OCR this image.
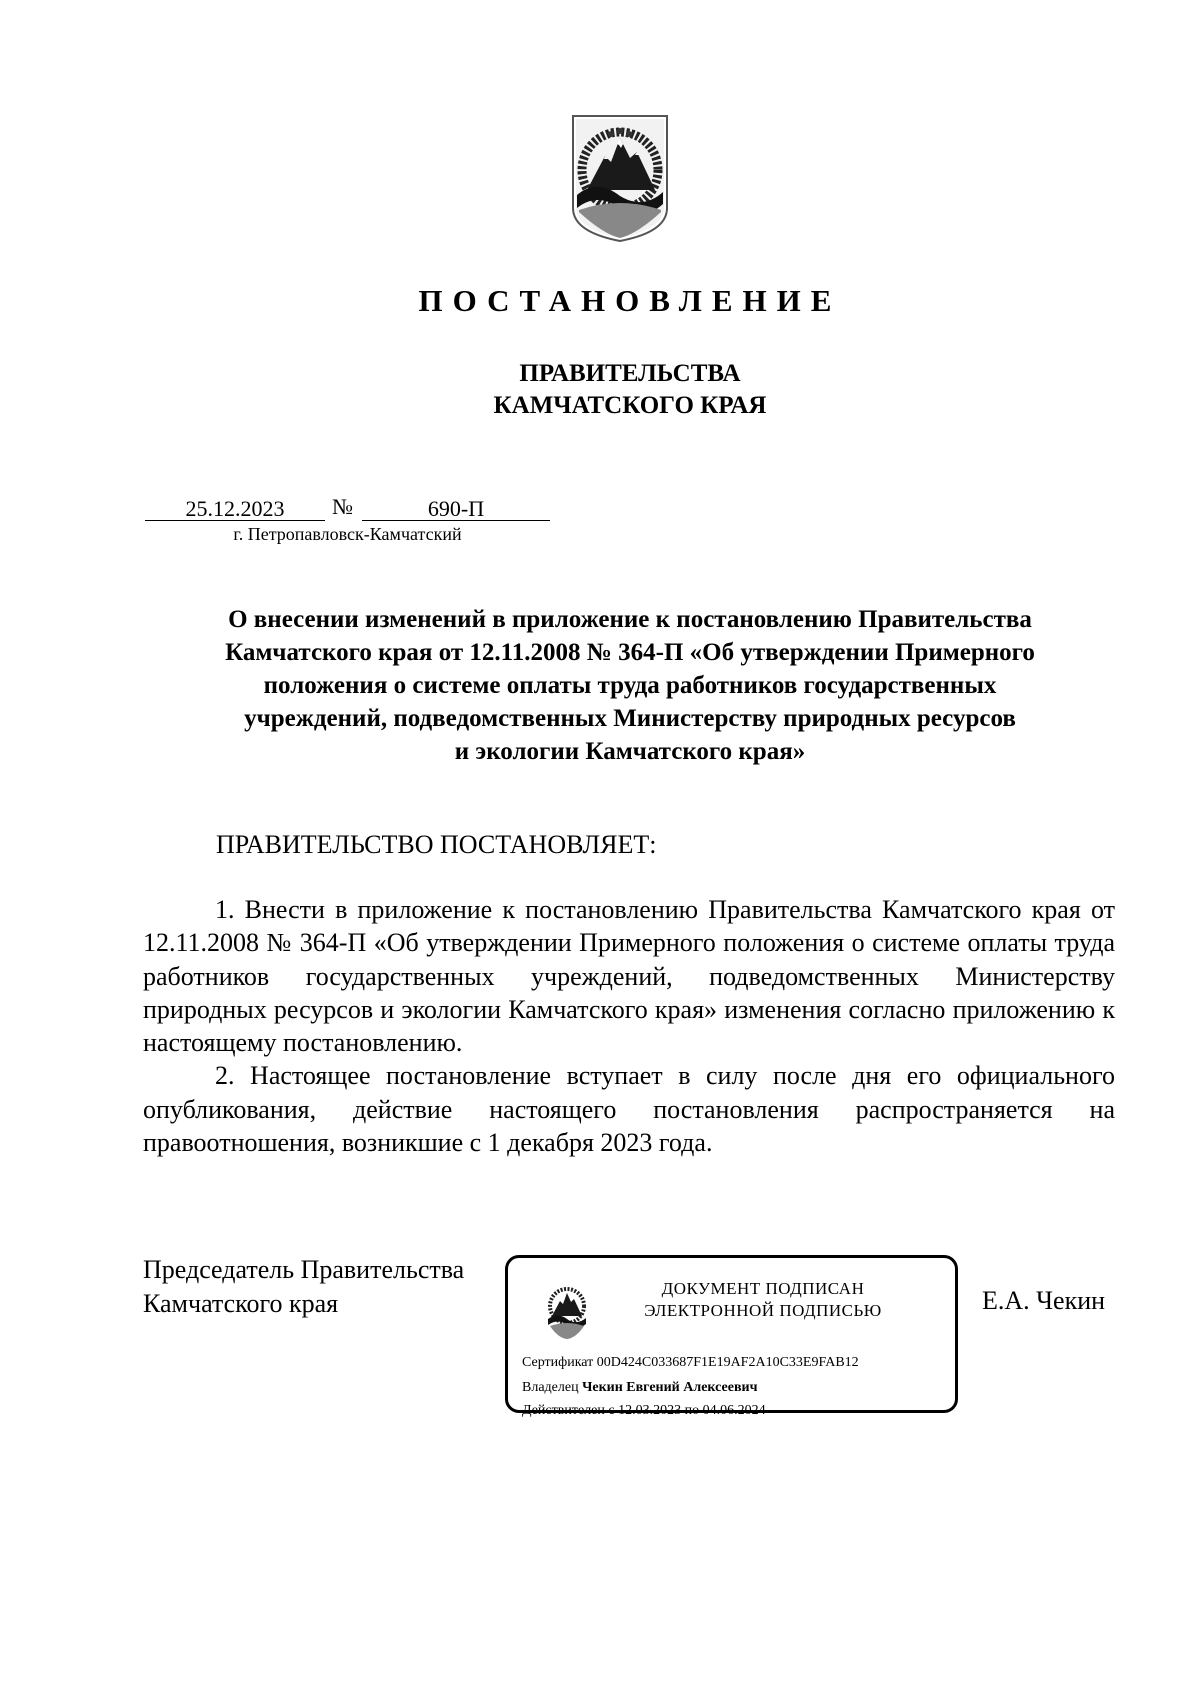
ПОСТАНОВЛЕНИЕ
ПРАВИТЕЛЬСТВА
КАМЧАТСКОГО КРАЯ
25.12.2023	№	690-П
г. Петропавловск-Камчатский
О внесении изменений в приложение к постановлению Правительства
Камчатского края от 12.11.2008 № 364-П «Об утверждении Примерного
положения о системе оплаты труда работников государственных
учреждений, подведомственных Министерству природных ресурсов
и экологии Камчатского края»
ПРАВИТЕЛЬСТВО ПОСТАНОВЛЯЕТ:

1. Внести в приложение к постановлению Правительства Камчатского края от 12.11.2008 № 364-П «Об утверждении Примерного положения о системе оплаты труда работников государственных учреждений, подведомственных Министерству природных ресурсов и экологии Камчатского края» изменения согласно приложению к настоящему постановлению.

2. Настоящее постановление вступает в силу после дня его официального опубликования, действие настоящего постановления распространяется на правоотношения, возникшие с 1 декабря 2023 года.

Председатель Правительства
Камчатского края
ДОКУМЕНТ ПОДПИСАН
ЭЛЕКТРОННОЙ ПОДПИСЬЮ
Сертификат 00D424C033687F1E19AF2A10C33E9FAB12
Владелец Чекин Евгений Алексеевич
Действителен с 12.03.2023 по 04.06.2024
Е.А. Чекин
